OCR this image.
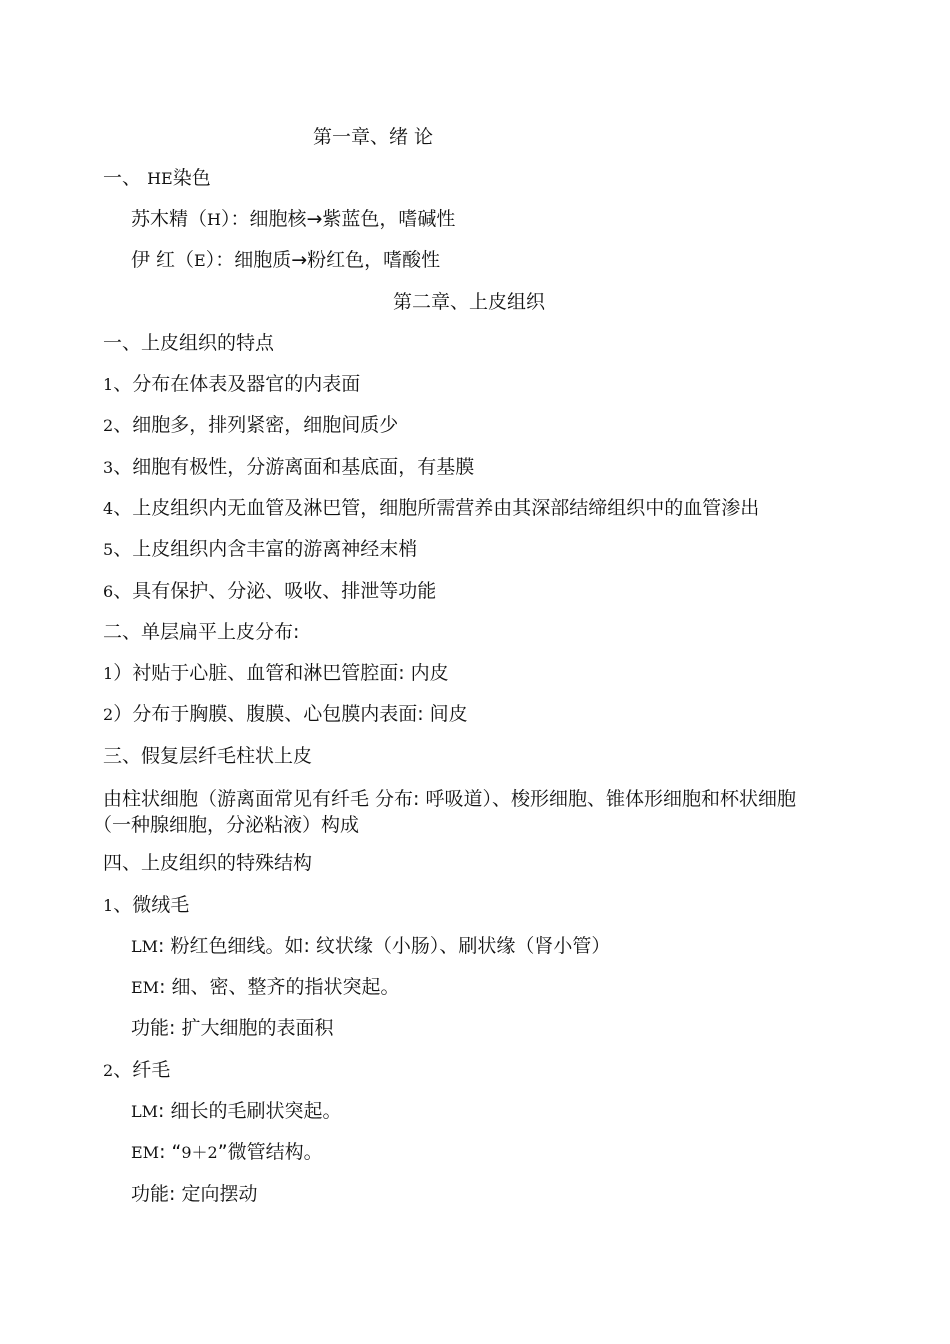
第一章、绪 论
一、 HE染色
苏木精（H）：细胞核→紫蓝色，嗜碱性
伊 红（E）：细胞质→粉红色，嗜酸性
第二章、上皮组织
一、上皮组织的特点
1、分布在体表及器官的内表面
2、细胞多，排列紧密，细胞间质少
3、细胞有极性，分游离面和基底面，有基膜
4、上皮组织内无血管及淋巴管，细胞所需营养由其深部结缔组织中的血管渗出
5、上皮组织内含丰富的游离神经末梢
6、具有保护、分泌、吸收、排泄等功能
二、单层扁平上皮分布:
1）衬贴于心脏、血管和淋巴管腔面: 内皮
2）分布于胸膜、腹膜、心包膜内表面: 间皮
三、假复层纤毛柱状上皮
由柱状细胞（游离面常见有纤毛 分布: 呼吸道）、梭形细胞、锥体形细胞和杯状细胞
（一种腺细胞，分泌粘液）构成
四、上皮组织的特殊结构
1、微绒毛
LM: 粉红色细线。如: 纹状缘（小肠）、刷状缘（肾小管）
EM: 细、密、整齐的指状突起。
功能: 扩大细胞的表面积
2、纤毛
LM: 细长的毛刷状突起。
EM: “9＋2”微管结构。
功能: 定向摆动
